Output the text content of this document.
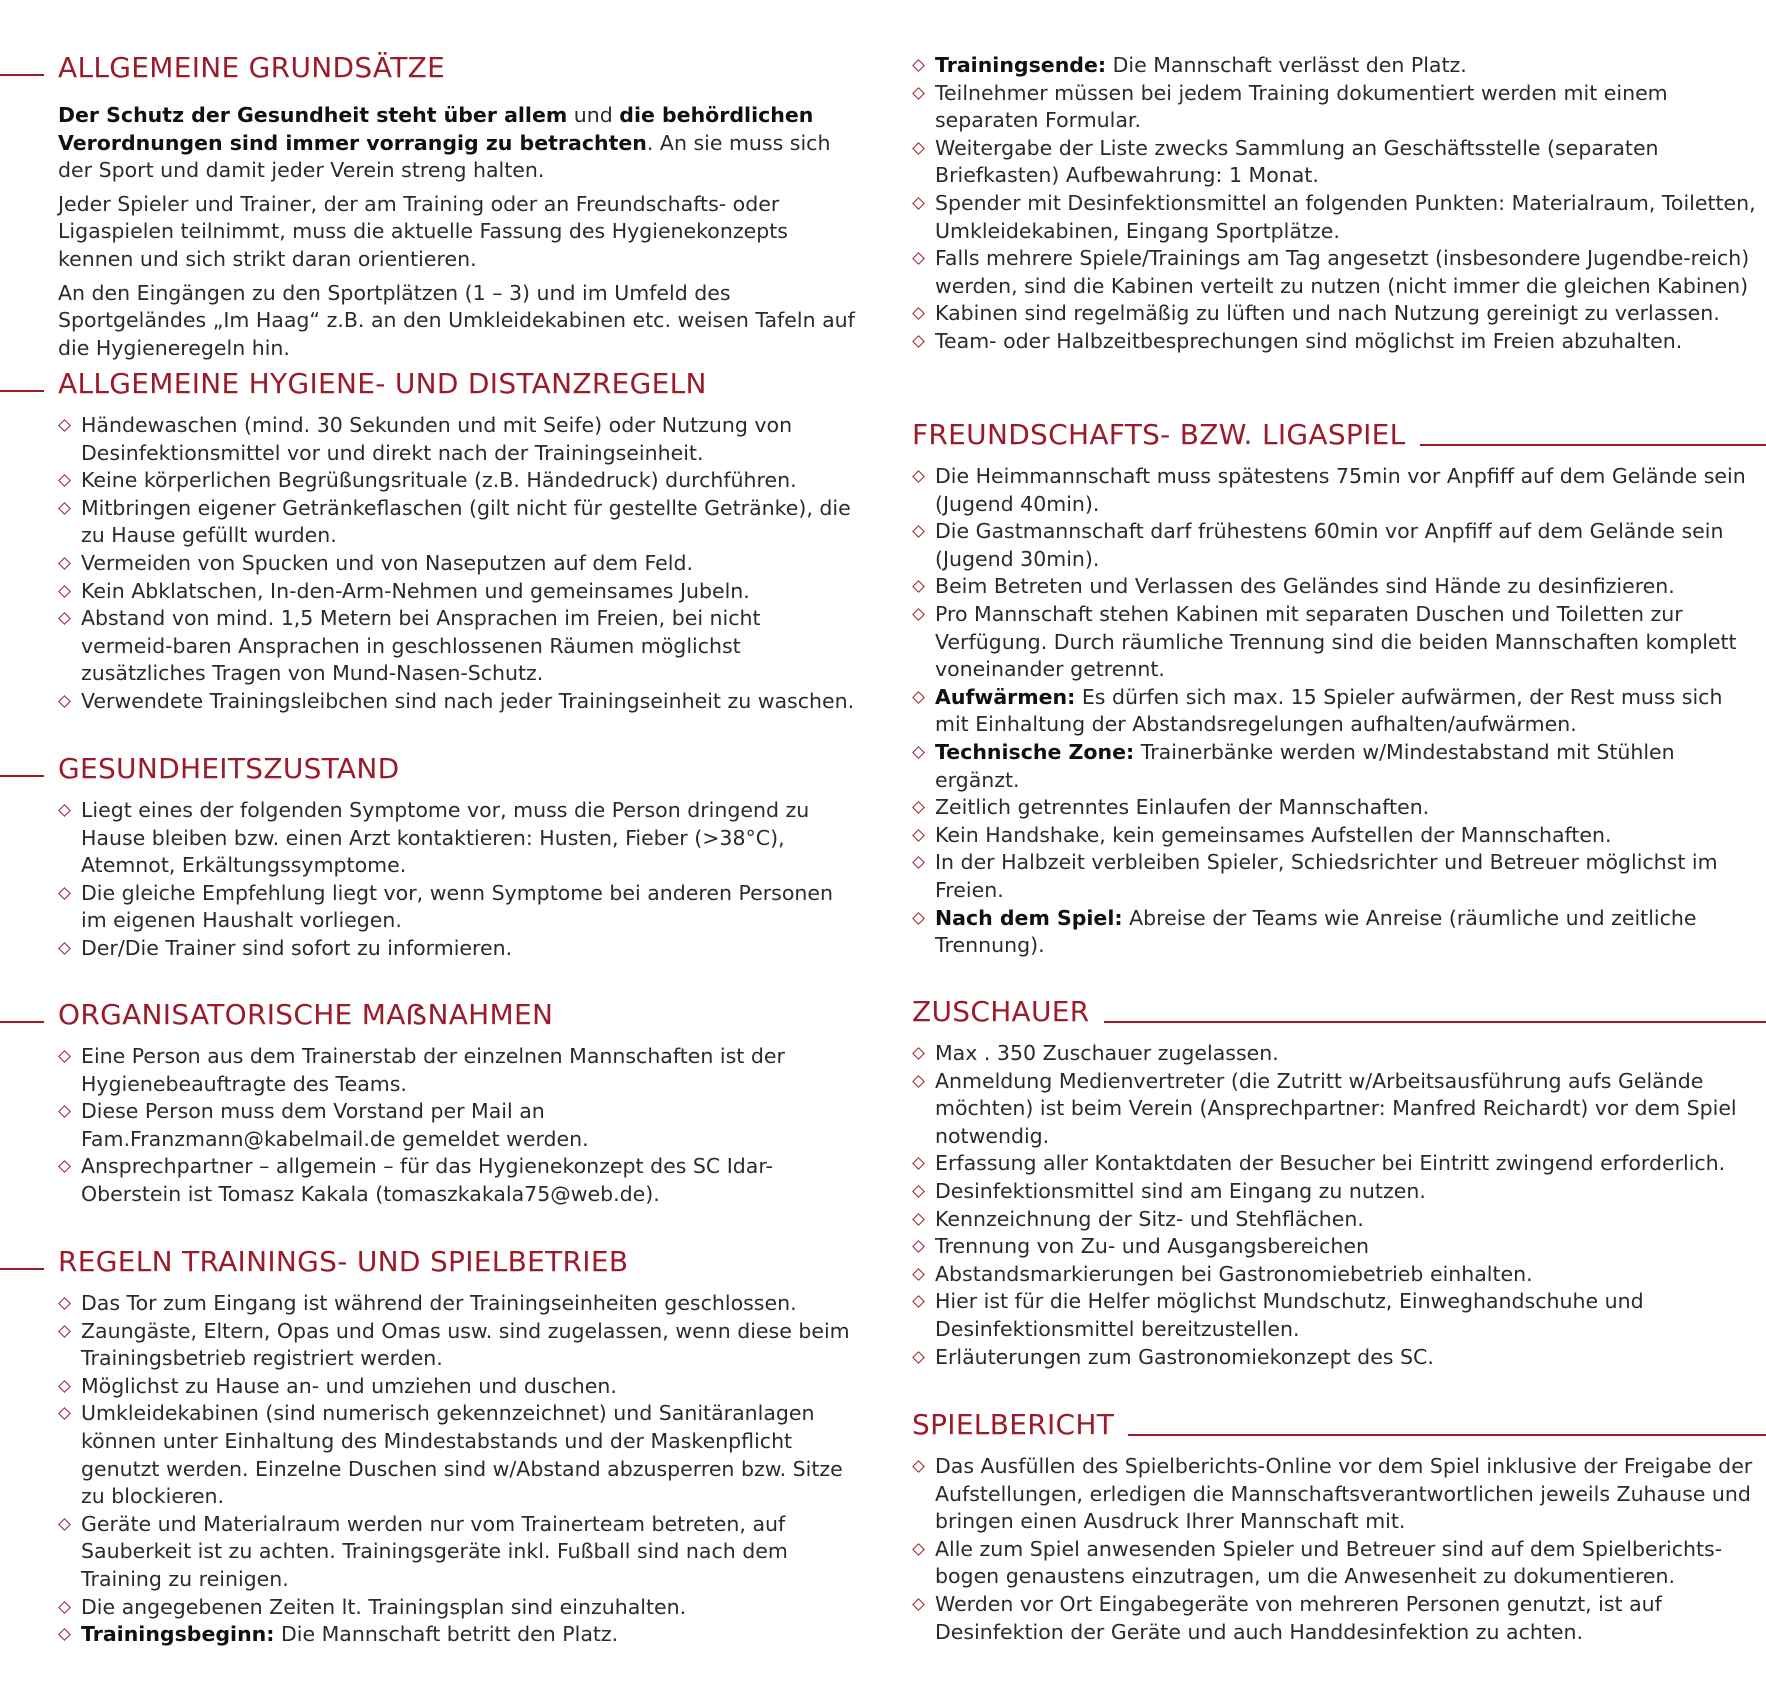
ALLGEMEINE GRUNDSÄTZE

Der Schutz der Gesundheit steht über allem und die behördlichen Verordnungen sind immer vorrangig zu betrachten. An sie muss sich der Sport und damit jeder Verein streng halten.

Jeder Spieler und Trainer, der am Training oder an Freundschafts- oder Ligaspielen teilnimmt, muss die aktuelle Fassung des Hygienekonzepts kennen und sich strikt daran orientieren.

An den Eingängen zu den Sportplätzen (1 – 3) und im Umfeld des Sportgeländes „Im Haag“ z.B. an den Umkleidekabinen etc. weisen Tafeln auf die Hygieneregeln hin.

ALLGEMEINE HYGIENE- UND DISTANZREGELN
Händewaschen (mind. 30 Sekunden und mit Seife) oder Nutzung von Desinfektionsmittel vor und direkt nach der Trainingseinheit.
Keine körperlichen Begrüßungsrituale (z.B. Händedruck) durchführen.
Mitbringen eigener Getränkeflaschen (gilt nicht für gestellte Getränke), die zu Hause gefüllt wurden.
Vermeiden von Spucken und von Naseputzen auf dem Feld.
Kein Abklatschen, In-den-Arm-Nehmen und gemeinsames Jubeln.
Abstand von mind. 1,5 Metern bei Ansprachen im Freien, bei nicht vermeid-baren Ansprachen in geschlossenen Räumen möglichst zusätzliches Tragen von Mund-Nasen-Schutz.
Verwendete Trainingsleibchen sind nach jeder Trainingseinheit zu waschen.
GESUNDHEITSZUSTAND
Liegt eines der folgenden Symptome vor, muss die Person dringend zu Hause bleiben bzw. einen Arzt kontaktieren: Husten, Fieber (>38°C), Atemnot, Erkältungssymptome.
Die gleiche Empfehlung liegt vor, wenn Symptome bei anderen Personen im eigenen Haushalt vorliegen.
Der/Die Trainer sind sofort zu informieren.
ORGANISATORISCHE MAẞNAHMEN
Eine Person aus dem Trainerstab der einzelnen Mannschaften ist der Hygienebeauftragte des Teams.
Diese Person muss dem Vorstand per Mail an Fam.Franzmann@kabelmail.de gemeldet werden.
Ansprechpartner – allgemein – für das Hygienekonzept des SC Idar-Oberstein ist Tomasz Kakala (tomaszkakala75@web.de).
REGELN TRAININGS- UND SPIELBETRIEB
Das Tor zum Eingang ist während der Trainingseinheiten geschlossen.
Zaungäste, Eltern, Opas und Omas usw. sind zugelassen, wenn diese beim Trainingsbetrieb registriert werden.
Möglichst zu Hause an- und umziehen und duschen.
Umkleidekabinen (sind numerisch gekennzeichnet) und Sanitäranlagen können unter Einhaltung des Mindestabstands und der Maskenpflicht genutzt werden. Einzelne Duschen sind w/Abstand abzusperren bzw. Sitze zu blockieren.
Geräte und Materialraum werden nur vom Trainerteam betreten, auf Sauberkeit ist zu achten. Trainingsgeräte inkl. Fußball sind nach dem Training zu reinigen.
Die angegebenen Zeiten lt. Trainingsplan sind einzuhalten.
Trainingsbeginn: Die Mannschaft betritt den Platz.
Trainingsende: Die Mannschaft verlässt den Platz.
Teilnehmer müssen bei jedem Training dokumentiert werden mit einem separaten Formular.
Weitergabe der Liste zwecks Sammlung an Geschäftsstelle (separaten Briefkasten) Aufbewahrung: 1 Monat.
Spender mit Desinfektionsmittel an folgenden Punkten: Materialraum, Toiletten, Umkleidekabinen, Eingang Sportplätze.
Falls mehrere Spiele/Trainings am Tag angesetzt (insbesondere Jugendbe-reich) werden, sind die Kabinen verteilt zu nutzen (nicht immer die gleichen Kabinen)
Kabinen sind regelmäßig zu lüften und nach Nutzung gereinigt zu verlassen.
Team- oder Halbzeitbesprechungen sind möglichst im Freien abzuhalten.
FREUNDSCHAFTS- BZW. LIGASPIEL
Die Heimmannschaft muss spätestens 75min vor Anpfiff auf dem Gelände sein (Jugend 40min).
Die Gastmannschaft darf frühestens 60min vor Anpfiff auf dem Gelände sein (Jugend 30min).
Beim Betreten und Verlassen des Geländes sind Hände zu desinfizieren.
Pro Mannschaft stehen Kabinen mit separaten Duschen und Toiletten zur Verfügung. Durch räumliche Trennung sind die beiden Mannschaften komplett voneinander getrennt.
Aufwärmen: Es dürfen sich max. 15 Spieler aufwärmen, der Rest muss sich mit Einhaltung der Abstandsregelungen aufhalten/aufwärmen.
Technische Zone: Trainerbänke werden w/Mindestabstand mit Stühlen ergänzt.
Zeitlich getrenntes Einlaufen der Mannschaften.
Kein Handshake, kein gemeinsames Aufstellen der Mannschaften.
In der Halbzeit verbleiben Spieler, Schiedsrichter und Betreuer möglichst im Freien.
Nach dem Spiel: Abreise der Teams wie Anreise (räumliche und zeitliche Trennung).
ZUSCHAUER
Max . 350 Zuschauer zugelassen.
Anmeldung Medienvertreter (die Zutritt w/Arbeitsausführung aufs Gelände möchten) ist beim Verein (Ansprechpartner: Manfred Reichardt) vor dem Spiel notwendig.
Erfassung aller Kontaktdaten der Besucher bei Eintritt zwingend erforderlich.
Desinfektionsmittel sind am Eingang zu nutzen.
Kennzeichnung der Sitz- und Stehflächen.
Trennung von Zu- und Ausgangsbereichen
Abstandsmarkierungen bei Gastronomiebetrieb einhalten.
Hier ist für die Helfer möglichst Mundschutz, Einweghandschuhe und Desinfektionsmittel bereitzustellen.
Erläuterungen zum Gastronomiekonzept des SC.
SPIELBERICHT
Das Ausfüllen des Spielberichts-Online vor dem Spiel inklusive der Freigabe der Aufstellungen, erledigen die Mannschaftsverantwortlichen jeweils Zuhause und bringen einen Ausdruck Ihrer Mannschaft mit.
Alle zum Spiel anwesenden Spieler und Betreuer sind auf dem Spielberichts-bogen genaustens einzutragen, um die Anwesenheit zu dokumentieren.
Werden vor Ort Eingabegeräte von mehreren Personen genutzt, ist auf Desinfektion der Geräte und auch Handdesinfektion zu achten.
